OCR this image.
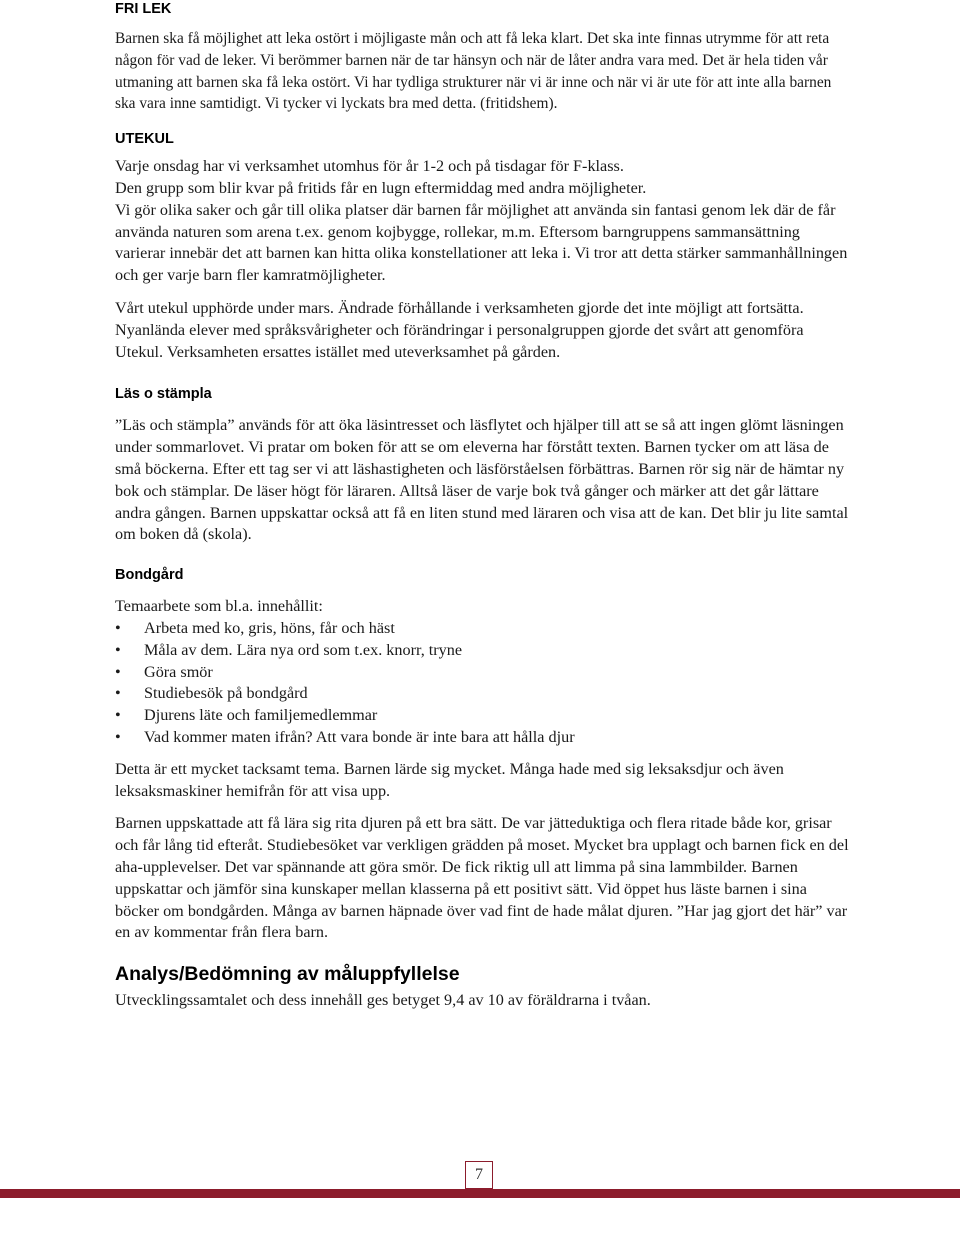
FRI LEK

Barnen ska få möjlighet att leka ostört i möjligaste mån och att få leka klart. Det ska inte finnas utrymme för att reta någon för vad de leker. Vi berömmer barnen när de tar hänsyn och när de låter andra vara med. Det är hela tiden vår utmaning att barnen ska få leka ostört. Vi har tydliga strukturer när vi är inne och när vi är ute för att inte alla barnen ska vara inne samtidigt. Vi tycker vi lyckats bra med detta. (fritidshem).

UTEKUL

Varje onsdag har vi verksamhet utomhus för år 1-2 och på tisdagar för F-klass.

Den grupp som blir kvar på fritids får en lugn eftermiddag med andra möjligheter.

Vi gör olika saker och går till olika platser där barnen får möjlighet att använda sin fantasi genom lek där de får använda naturen som arena t.ex. genom kojbygge, rollekar, m.m. Eftersom barngruppens sammansättning varierar innebär det att barnen kan hitta olika konstellationer att leka i. Vi tror att detta stärker sammanhållningen och ger varje barn fler kamratmöjligheter.

Vårt utekul upphörde under mars. Ändrade förhållande i verksamheten gjorde det inte möjligt att fortsätta. Nyanlända elever med språksvårigheter och förändringar i personalgruppen gjorde det svårt att genomföra Utekul. Verksamheten ersattes istället med uteverksamhet på gården.

Läs o stämpla

”Läs och stämpla” används för att öka läsintresset och läsflytet och hjälper till att se så att ingen glömt läsningen under sommarlovet. Vi pratar om boken för att se om eleverna har förstått texten. Barnen tycker om att läsa de små böckerna. Efter ett tag ser vi att läshastigheten och läsförståelsen förbättras. Barnen rör sig när de hämtar ny bok och stämplar. De läser högt för läraren. Alltså läser de varje bok två gånger och märker att det går lättare andra gången. Barnen uppskattar också att få en liten stund med läraren och visa att de kan. Det blir ju lite samtal om boken då (skola).

Bondgård

Temaarbete som bl.a. innehållit:

• Arbeta med ko, gris, höns, får och häst
• Måla av dem. Lära nya ord som t.ex. knorr, tryne
• Göra smör
• Studiebesök på bondgård
• Djurens läte och familjemedlemmar
• Vad kommer maten ifrån? Att vara bonde är inte bara att hålla djur

Detta är ett mycket tacksamt tema. Barnen lärde sig mycket. Många hade med sig leksaksdjur och även leksaksmaskiner hemifrån för att visa upp.

Barnen uppskattade att få lära sig rita djuren på ett bra sätt. De var jätteduktiga och flera ritade både kor, grisar och får lång tid efteråt. Studiebesöket var verkligen grädden på moset. Mycket bra upplagt och barnen fick en del aha-upplevelser. Det var spännande att göra smör. De fick riktig ull att limma på sina lammbilder. Barnen uppskattar och jämför sina kunskaper mellan klasserna på ett positivt sätt. Vid öppet hus läste barnen i sina böcker om bondgården. Många av barnen häpnade över vad fint de hade målat djuren. ”Har jag gjort det här” var en av kommentar från flera barn.

Analys/Bedömning av måluppfyllelse

Utvecklingssamtalet och dess innehåll ges betyget 9,4 av 10 av föräldrarna i tvåan.

7
